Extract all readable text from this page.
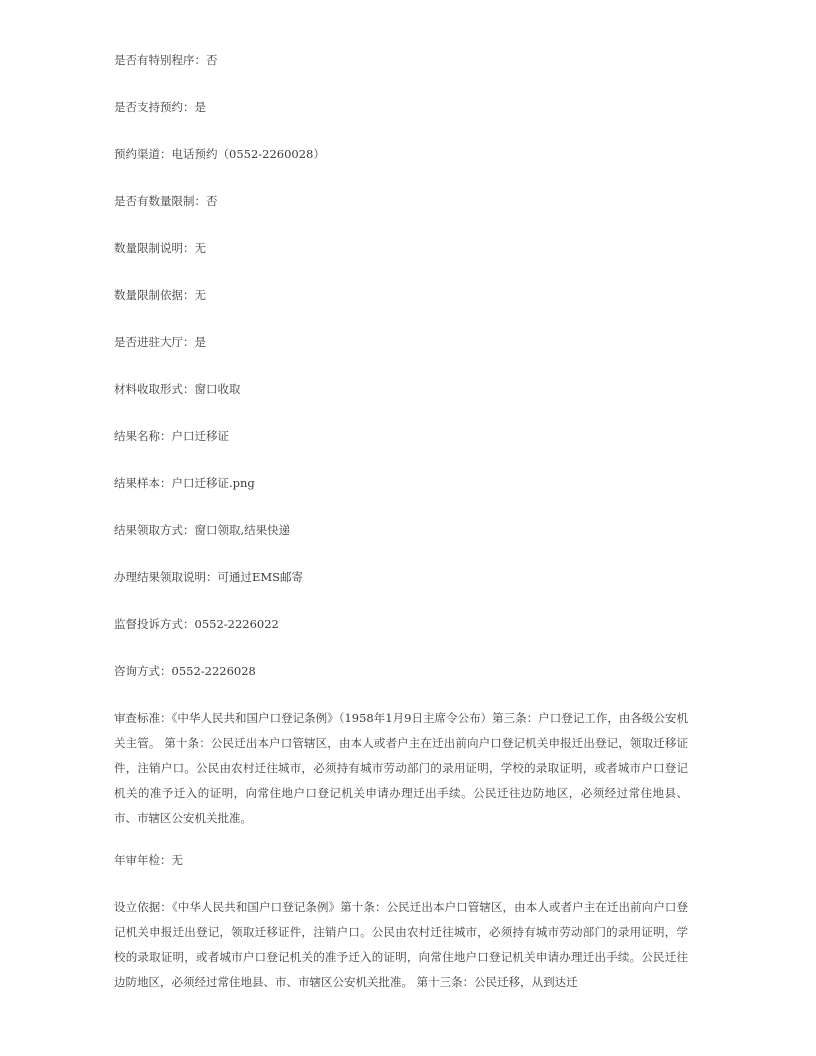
是否有特别程序：否
是否支持预约：是
预约渠道：电话预约（0552-2260028）
是否有数量限制：否
数量限制说明：无
数量限制依据：无
是否进驻大厅：是
材料收取形式：窗口收取
结果名称：户口迁移证
结果样本：户口迁移证.png
结果领取方式：窗口领取,结果快递
办理结果领取说明：可通过EMS邮寄
监督投诉方式：0552-2226022
咨询方式：0552-2226028
审查标准：《中华人民共和国户口登记条例》（1958年1月9日主席令公布）第三条：户口登记工作，由各级公安机关主管。 第十条：公民迁出本户口管辖区，由本人或者户主在迁出前向户口登记机关申报迁出登记，领取迁移证件，注销户口。公民由农村迁往城市，必须持有城市劳动部门的录用证明，学校的录取证明，或者城市户口登记机关的准予迁入的证明，向常住地户口登记机关申请办理迁出手续。公民迁往边防地区，必须经过常住地县、市、市辖区公安机关批准。
年审年检：无
设立依据：《中华人民共和国户口登记条例》第十条：公民迁出本户口管辖区，由本人或者户主在迁出前向户口登记机关申报迁出登记，领取迁移证件，注销户口。公民由农村迁往城市，必须持有城市劳动部门的录用证明，学校的录取证明，或者城市户口登记机关的准予迁入的证明，向常住地户口登记机关申请办理迁出手续。公民迁往边防地区，必须经过常住地县、市、市辖区公安机关批准。 第十三条：公民迁移，从到达迁
